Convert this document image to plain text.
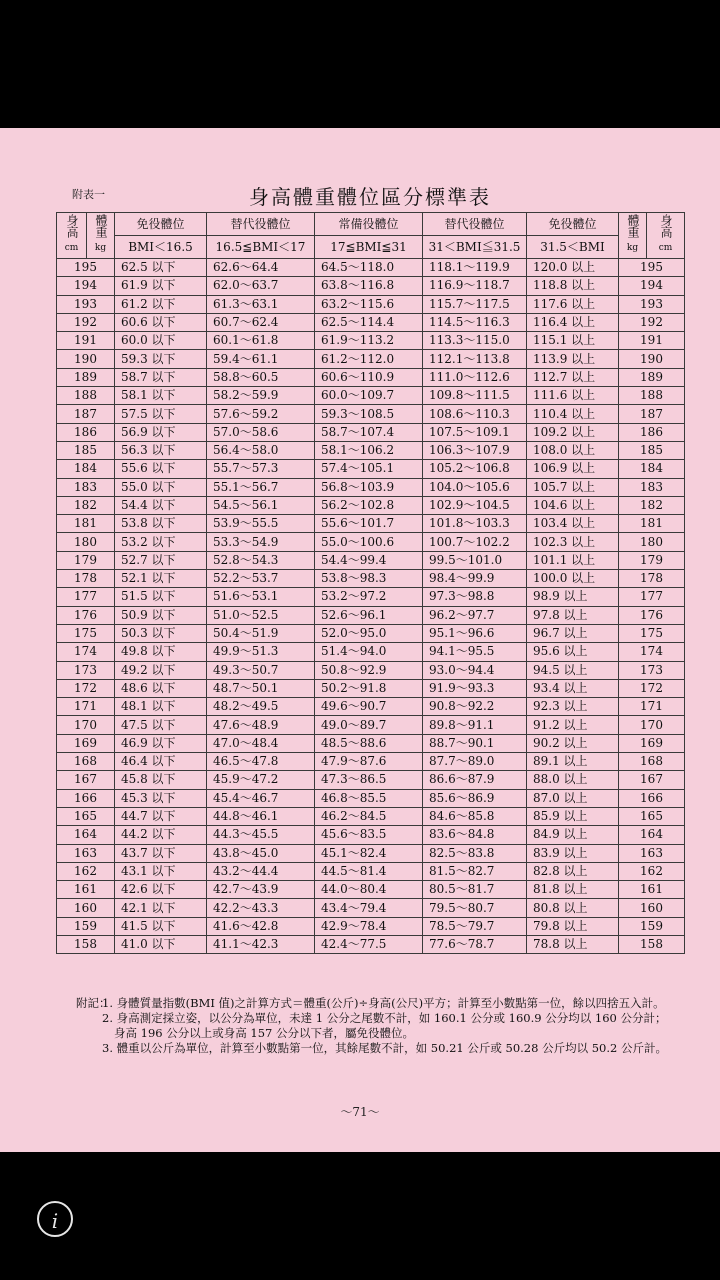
附表一	身高體重體位區分標準表
身高
cm	體重
kg	免役體位	替代役體位	常備役體位	替代役體位	免役體位	體重
kg	身高
cm
		BMI＜16.5	16.5≦BMI＜17	17≦BMI≦31	31＜BMI≦31.5	31.5＜BMI		
195		62.5 以下	62.6～64.4	64.5～118.0	118.1～119.9	120.0 以上	195	
194		61.9 以下	62.0～63.7	63.8～116.8	116.9～118.7	118.8 以上	194	
193		61.2 以下	61.3～63.1	63.2～115.6	115.7～117.5	117.6 以上	193	
192		60.6 以下	60.7～62.4	62.5～114.4	114.5～116.3	116.4 以上	192	
191		60.0 以下	60.1～61.8	61.9～113.2	113.3～115.0	115.1 以上	191	
190		59.3 以下	59.4～61.1	61.2～112.0	112.1～113.8	113.9 以上	190	
189		58.7 以下	58.8～60.5	60.6～110.9	111.0～112.6	112.7 以上	189	
188		58.1 以下	58.2～59.9	60.0～109.7	109.8～111.5	111.6 以上	188	
187		57.5 以下	57.6～59.2	59.3～108.5	108.6～110.3	110.4 以上	187	
186		56.9 以下	57.0～58.6	58.7～107.4	107.5～109.1	109.2 以上	186	
185		56.3 以下	56.4～58.0	58.1～106.2	106.3～107.9	108.0 以上	185	
184		55.6 以下	55.7～57.3	57.4～105.1	105.2～106.8	106.9 以上	184	
183		55.0 以下	55.1～56.7	56.8～103.9	104.0～105.6	105.7 以上	183	
182		54.4 以下	54.5～56.1	56.2～102.8	102.9～104.5	104.6 以上	182	
181		53.8 以下	53.9～55.5	55.6～101.7	101.8～103.3	103.4 以上	181	
180		53.2 以下	53.3～54.9	55.0～100.6	100.7～102.2	102.3 以上	180	
179		52.7 以下	52.8～54.3	54.4～99.4	99.5～101.0	101.1 以上	179	
178		52.1 以下	52.2～53.7	53.8～98.3	98.4～99.9	100.0 以上	178	
177		51.5 以下	51.6～53.1	53.2～97.2	97.3～98.8	98.9 以上	177	
176		50.9 以下	51.0～52.5	52.6～96.1	96.2～97.7	97.8 以上	176	
175		50.3 以下	50.4～51.9	52.0～95.0	95.1～96.6	96.7 以上	175	
174		49.8 以下	49.9～51.3	51.4～94.0	94.1～95.5	95.6 以上	174	
173		49.2 以下	49.3～50.7	50.8～92.9	93.0～94.4	94.5 以上	173	
172		48.6 以下	48.7～50.1	50.2～91.8	91.9～93.3	93.4 以上	172	
171		48.1 以下	48.2～49.5	49.6～90.7	90.8～92.2	92.3 以上	171	
170		47.5 以下	47.6～48.9	49.0～89.7	89.8～91.1	91.2 以上	170	
169		46.9 以下	47.0～48.4	48.5～88.6	88.7～90.1	90.2 以上	169	
168		46.4 以下	46.5～47.8	47.9～87.6	87.7～89.0	89.1 以上	168	
167		45.8 以下	45.9～47.2	47.3～86.5	86.6～87.9	88.0 以上	167	
166		45.3 以下	45.4～46.7	46.8～85.5	85.6～86.9	87.0 以上	166	
165		44.7 以下	44.8～46.1	46.2～84.5	84.6～85.8	85.9 以上	165	
164		44.2 以下	44.3～45.5	45.6～83.5	83.6～84.8	84.9 以上	164	
163		43.7 以下	43.8～45.0	45.1～82.4	82.5～83.8	83.9 以上	163	
162		43.1 以下	43.2～44.4	44.5～81.4	81.5～82.7	82.8 以上	162	
161		42.6 以下	42.7～43.9	44.0～80.4	80.5～81.7	81.8 以上	161	
160		42.1 以下	42.2～43.3	43.4～79.4	79.5～80.7	80.8 以上	160	
159		41.5 以下	41.6～42.8	42.9～78.4	78.5～79.7	79.8 以上	159	
158		41.0 以下	41.1～42.3	42.4～77.5	77.6～78.7	78.8 以上	158	
附記：
1. 身體質量指數(BMI 值)之計算方式＝體重(公斤)÷身高(公尺)平方；計算至小數點第一位，餘以四捨五入計。
2. 身高測定採立姿，以公分為單位，未達 1 公分之尾數不計，如 160.1 公分或 160.9 公分均以 160 公分計；身高 196 公分以上或身高 157 公分以下者，屬免役體位。
3. 體重以公斤為單位，計算至小數點第一位，其餘尾數不計，如 50.21 公斤或 50.28 公斤均以 50.2 公斤計。
～71～
i
